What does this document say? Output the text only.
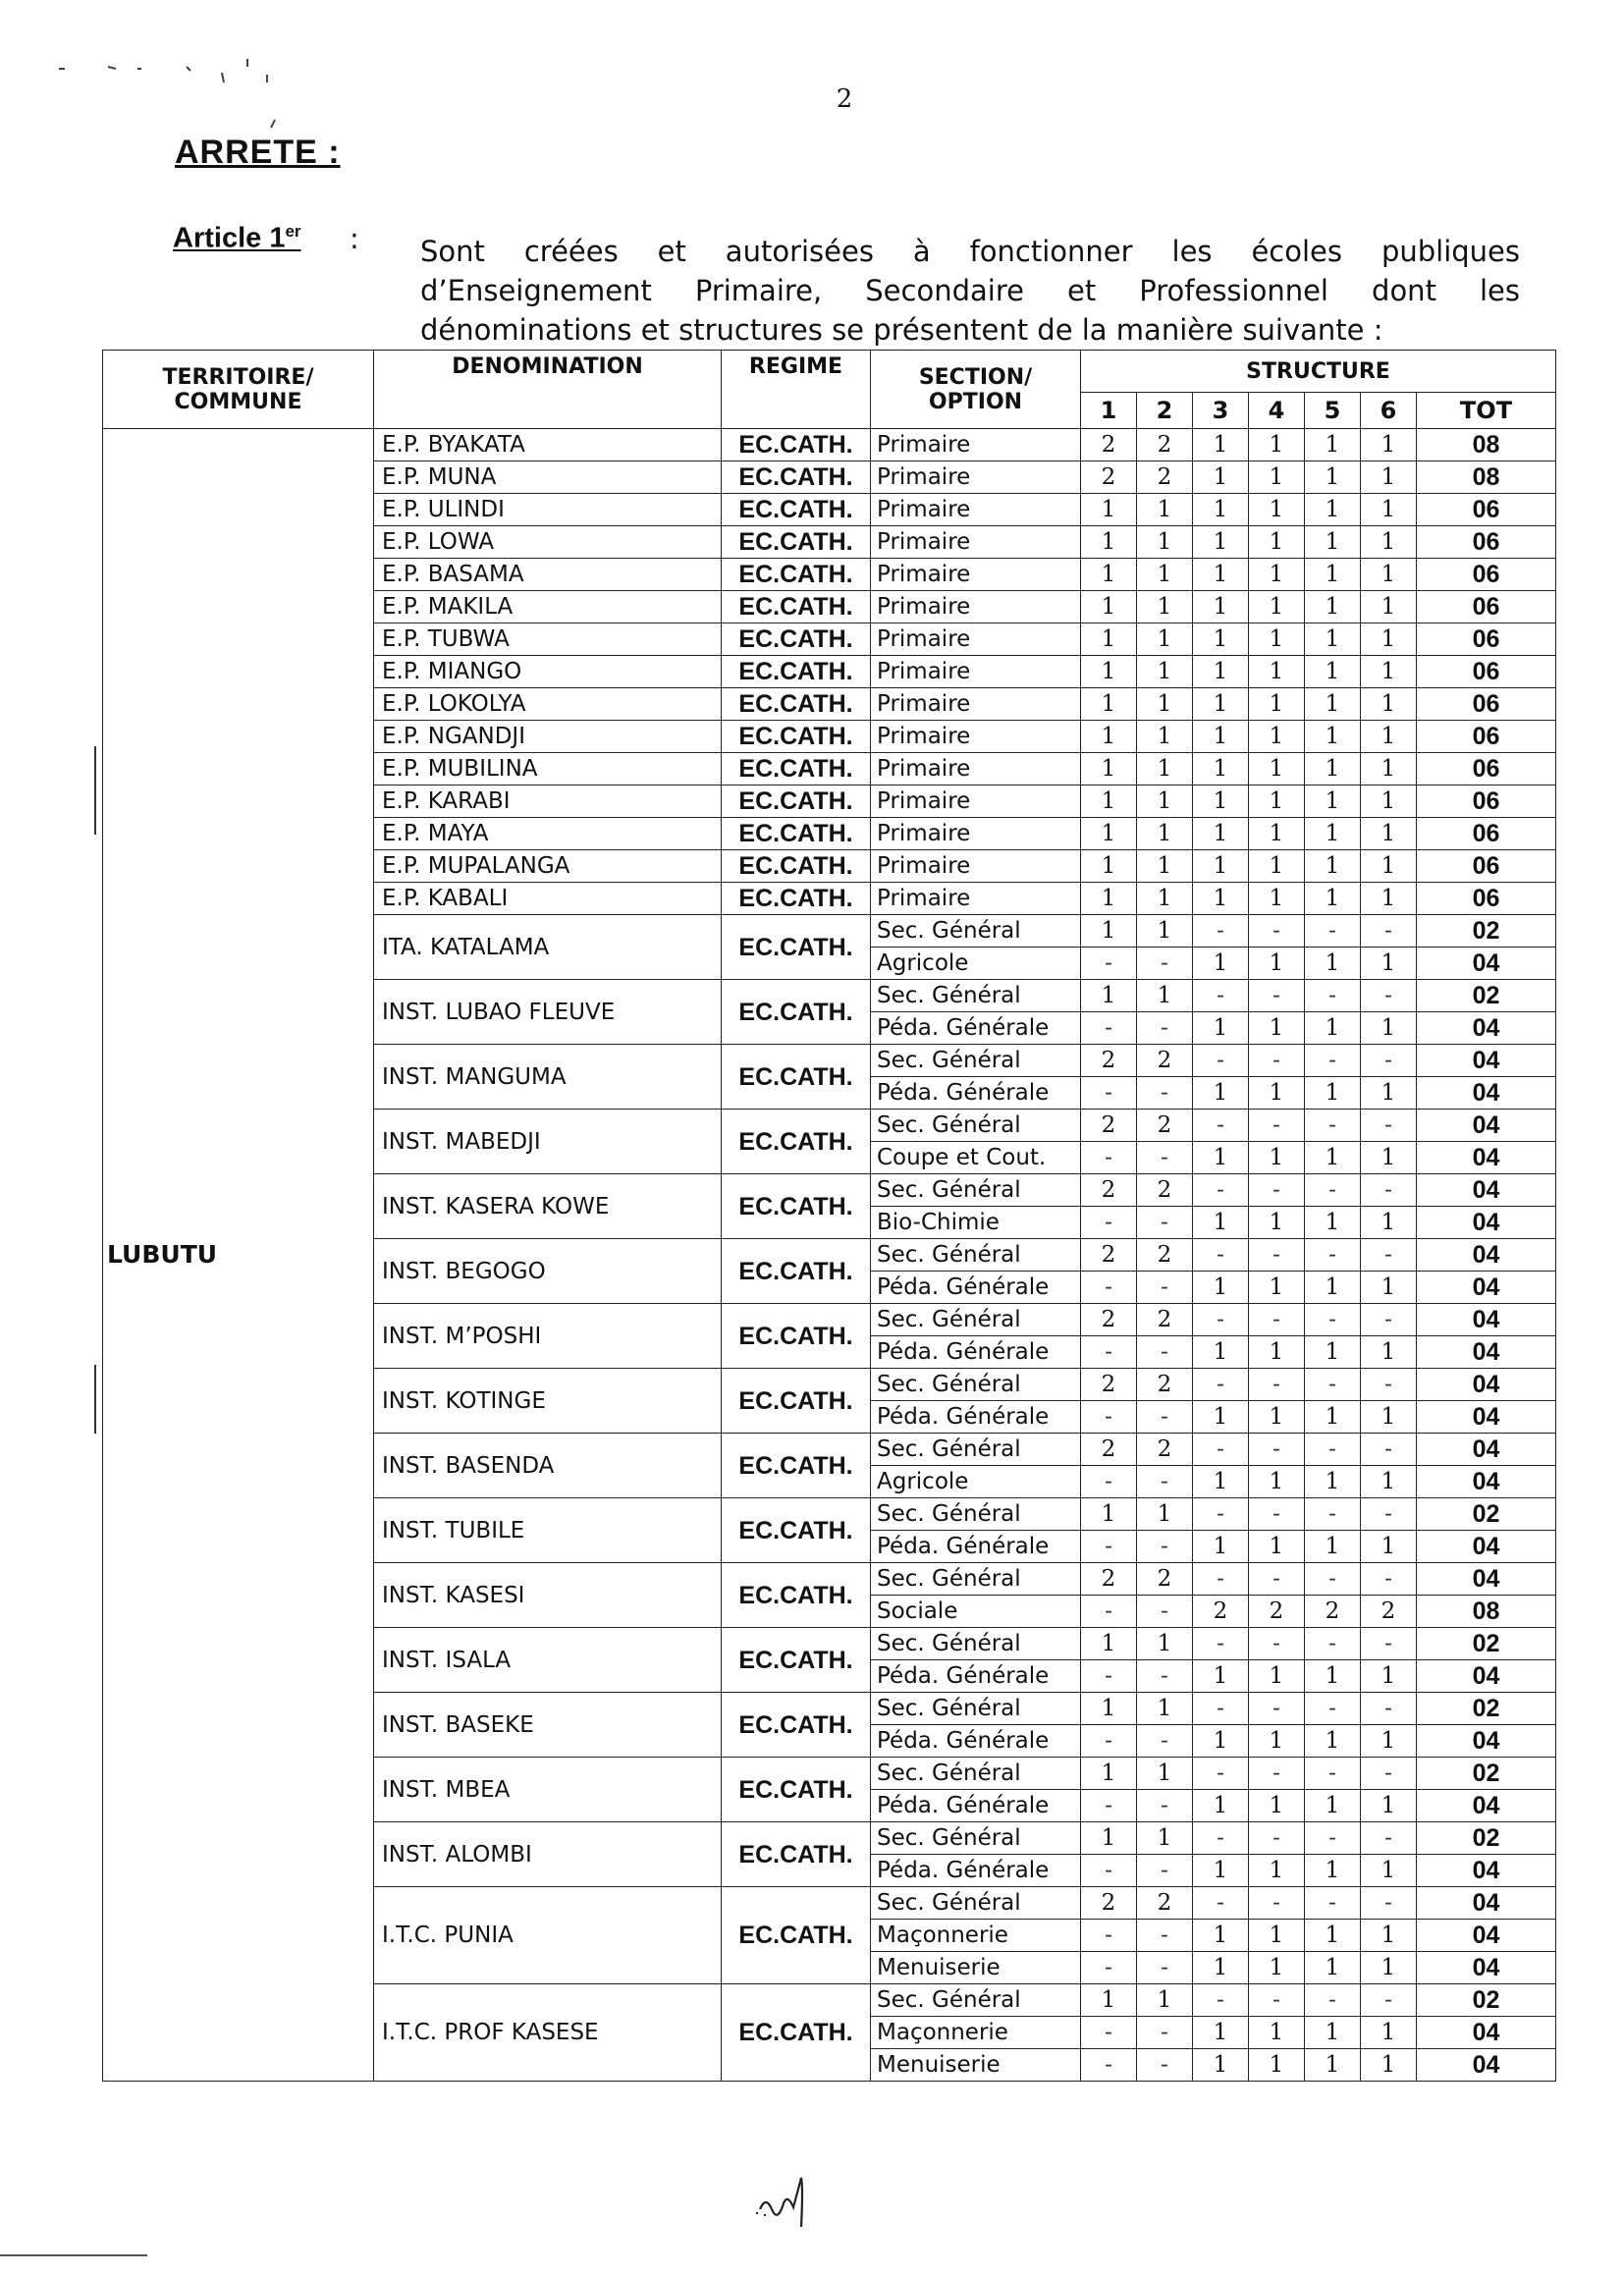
2
ARRETE :
Article 1er : Sont créées et autorisées à fonctionner les écoles publiques

d’Enseignement Primaire, Secondaire et Professionnel dont les

dénominations et structures se présentent de la manière suivante :

TERRITOIRE/ COMMUNE	DENOMINATION	REGIME	SECTION/ OPTION	STRUCTURE						
				1	2	3	4	5	6	TOT
LUBUTU	E.P. BYAKATA	EC.CATH.	Primaire	2	2	1	1	1	1	08
	E.P. MUNA	EC.CATH.	Primaire	2	2	1	1	1	1	08
	E.P. ULINDI	EC.CATH.	Primaire	1	1	1	1	1	1	06
	E.P. LOWA	EC.CATH.	Primaire	1	1	1	1	1	1	06
	E.P. BASAMA	EC.CATH.	Primaire	1	1	1	1	1	1	06
	E.P. MAKILA	EC.CATH.	Primaire	1	1	1	1	1	1	06
	E.P. TUBWA	EC.CATH.	Primaire	1	1	1	1	1	1	06
	E.P. MIANGO	EC.CATH.	Primaire	1	1	1	1	1	1	06
	E.P. LOKOLYA	EC.CATH.	Primaire	1	1	1	1	1	1	06
	E.P. NGANDJI	EC.CATH.	Primaire	1	1	1	1	1	1	06
	E.P. MUBILINA	EC.CATH.	Primaire	1	1	1	1	1	1	06
	E.P. KARABI	EC.CATH.	Primaire	1	1	1	1	1	1	06
	E.P. MAYA	EC.CATH.	Primaire	1	1	1	1	1	1	06
	E.P. MUPALANGA	EC.CATH.	Primaire	1	1	1	1	1	1	06
	E.P. KABALI	EC.CATH.	Primaire	1	1	1	1	1	1	06
	ITA. KATALAMA	EC.CATH.	Sec. Général	1	1	-	-	-	-	02
			Agricole	-	-	1	1	1	1	04
	INST. LUBAO FLEUVE	EC.CATH.	Sec. Général	1	1	-	-	-	-	02
			Péda. Générale	-	-	1	1	1	1	04
	INST. MANGUMA	EC.CATH.	Sec. Général	2	2	-	-	-	-	04
			Péda. Générale	-	-	1	1	1	1	04
	INST. MABEDJI	EC.CATH.	Sec. Général	2	2	-	-	-	-	04
			Coupe et Cout.	-	-	1	1	1	1	04
	INST. KASERA KOWE	EC.CATH.	Sec. Général	2	2	-	-	-	-	04
			Bio-Chimie	-	-	1	1	1	1	04
	INST. BEGOGO	EC.CATH.	Sec. Général	2	2	-	-	-	-	04
			Péda. Générale	-	-	1	1	1	1	04
	INST. M’POSHI	EC.CATH.	Sec. Général	2	2	-	-	-	-	04
			Péda. Générale	-	-	1	1	1	1	04
	INST. KOTINGE	EC.CATH.	Sec. Général	2	2	-	-	-	-	04
			Péda. Générale	-	-	1	1	1	1	04
	INST. BASENDA	EC.CATH.	Sec. Général	2	2	-	-	-	-	04
			Agricole	-	-	1	1	1	1	04
	INST. TUBILE	EC.CATH.	Sec. Général	1	1	-	-	-	-	02
			Péda. Générale	-	-	1	1	1	1	04
	INST. KASESI	EC.CATH.	Sec. Général	2	2	-	-	-	-	04
			Sociale	-	-	2	2	2	2	08
	INST. ISALA	EC.CATH.	Sec. Général	1	1	-	-	-	-	02
			Péda. Générale	-	-	1	1	1	1	04
	INST. BASEKE	EC.CATH.	Sec. Général	1	1	-	-	-	-	02
			Péda. Générale	-	-	1	1	1	1	04
	INST. MBEA	EC.CATH.	Sec. Général	1	1	-	-	-	-	02
			Péda. Générale	-	-	1	1	1	1	04
	INST. ALOMBI	EC.CATH.	Sec. Général	1	1	-	-	-	-	02
			Péda. Générale	-	-	1	1	1	1	04
	I.T.C. PUNIA	EC.CATH.	Sec. Général	2	2	-	-	-	-	04
			Maçonnerie	-	-	1	1	1	1	04
			Menuiserie	-	-	1	1	1	1	04
	I.T.C. PROF KASESE	EC.CATH.	Sec. Général	1	1	-	-	-	-	02
			Maçonnerie	-	-	1	1	1	1	04
			Menuiserie	-	-	1	1	1	1	04
